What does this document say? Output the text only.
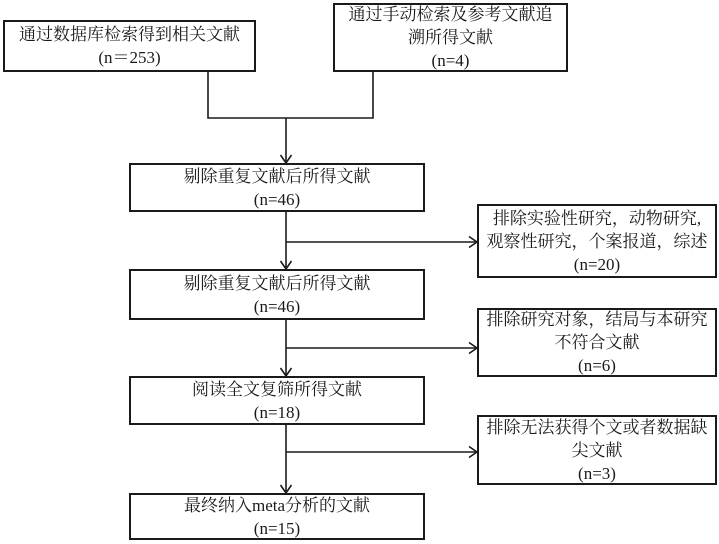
通过数据库检索得到相关文献
(n＝253)
通过手动检索及参考文献追
溯所得文献
(n=4)
剔除重复文献后所得文献
(n=46)
排除实验性研究，动物研究,
观察性研究，个案报道，综述
(n=20)
剔除重复文献后所得文献
(n=46)
排除研究对象，结局与本研究
不符合文献
(n=6)
阅读全文复筛所得文献
(n=18)
排除无法获得个文或者数据缺
尖文献
(n=3)
最终纳入meta分析的文献
(n=15)
